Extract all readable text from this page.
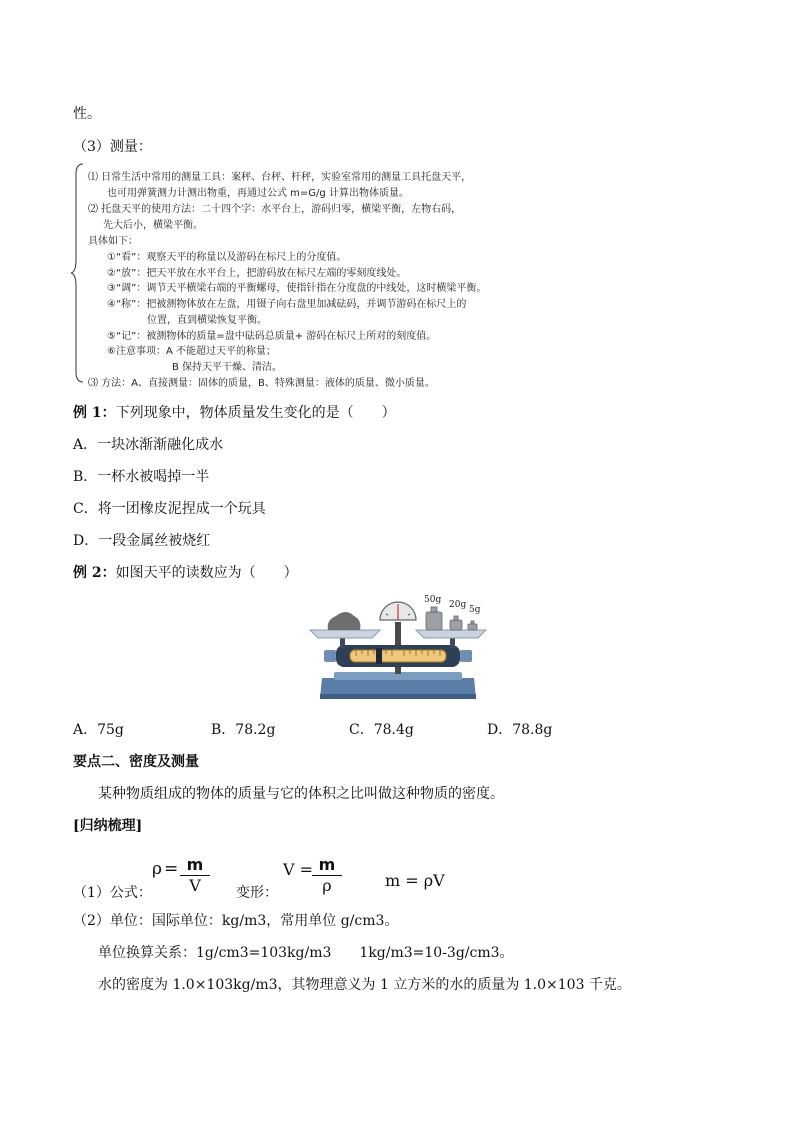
性。
（3）测量：
⑴ 日常生活中常用的测量工具：案秤、台秤、杆秤，实验室常用的测量工具托盘天平，
也可用弹簧测力计测出物重，再通过公式 m=G/g 计算出物体质量。
⑵ 托盘天平的使用方法：二十四个字：水平台上，游码归零，横梁平衡，左物右码，
先大后小，横梁平衡。
具体如下：
①“看”：观察天平的称量以及游码在标尺上的分度值。
②“放”：把天平放在水平台上，把游码放在标尺左端的零刻度线处。
③“调”：调节天平横梁右端的平衡螺母，使指针指在分度盘的中线处，这时横梁平衡。
④“称”：把被测物体放在左盘，用镊子向右盘里加减砝码，并调节游码在标尺上的
位置，直到横梁恢复平衡。
⑤“记”：被测物体的质量=盘中砝码总质量+ 游码在标尺上所对的刻度值。
⑥注意事项：A 不能超过天平的称量；
B 保持天平干燥、清洁。
⑶ 方法：A、直接测量：固体的质量，B、特殊测量：液体的质量、微小质量。
例 1：下列现象中，物体质量发生变化的是（　　）
A．一块冰渐渐融化成水
B．一杯水被喝掉一半
C．将一团橡皮泥捏成一个玩具
D．一段金属丝被烧红
例 2：如图天平的读数应为（　　）
50g 20g 5g
A．75g	B．78.2g	C．78.4g	D．78.8g
要点二、密度及测量
某种物质组成的物体的质量与它的体积之比叫做这种物质的密度。
[归纳梳理]
ρ = m
V
V = m
ρ	m = ρV
（1）公式：	变形：
（2）单位：国际单位：kg/m3，常用单位 g/cm3。
单位换算关系：1g/cm3=103kg/m3　　1kg/m3=10-3g/cm3。
水的密度为 1.0×103kg/m3，其物理意义为 1 立方米的水的质量为 1.0×103 千克。
